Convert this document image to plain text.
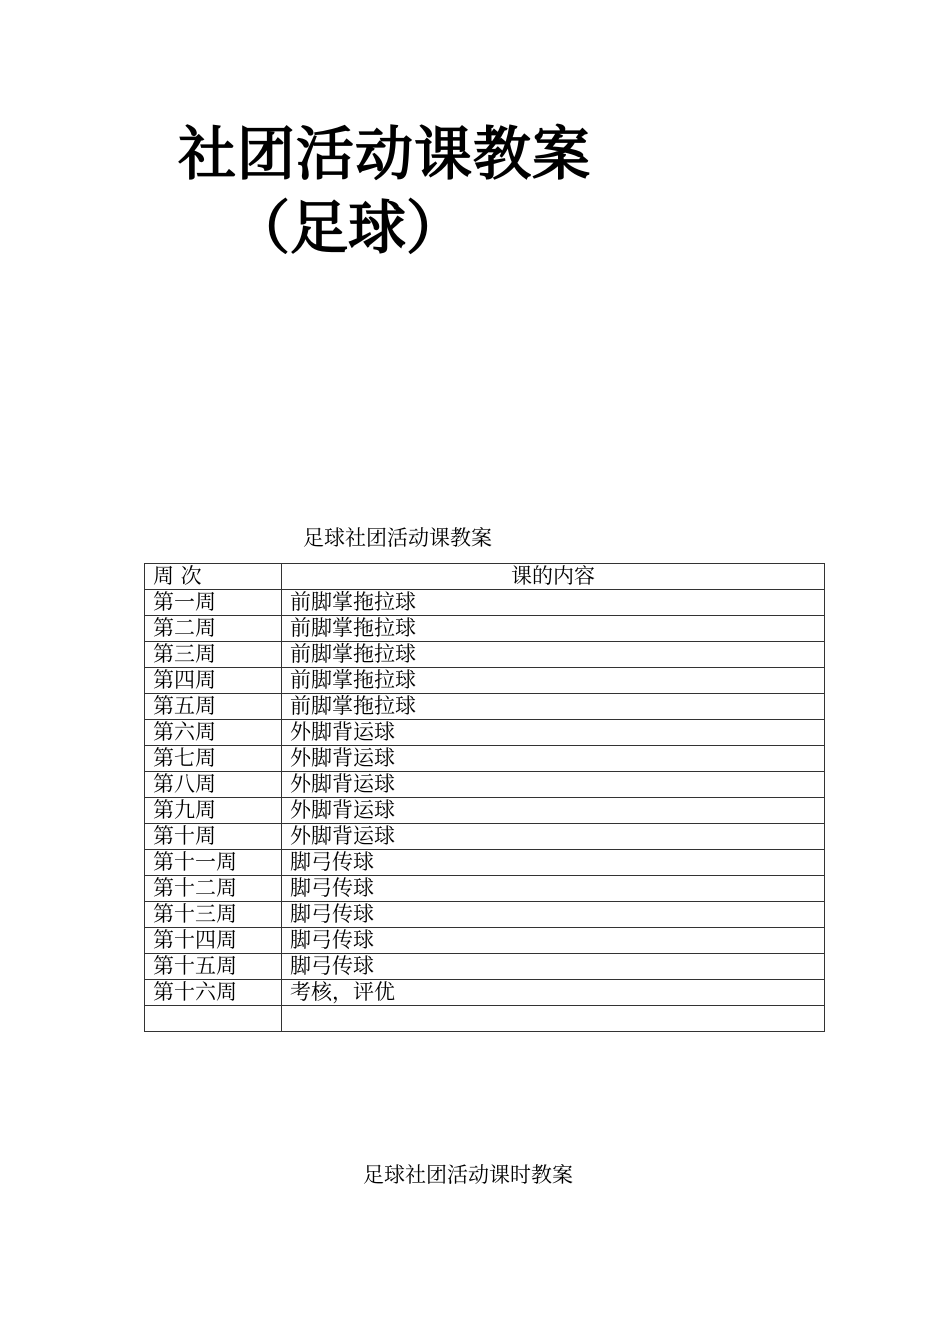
社团活动课教案
（足球）
足球社团活动课教案
周 次	课的内容
第一周	前脚掌拖拉球
第二周	前脚掌拖拉球
第三周	前脚掌拖拉球
第四周	前脚掌拖拉球
第五周	前脚掌拖拉球
第六周	外脚背运球
第七周	外脚背运球
第八周	外脚背运球
第九周	外脚背运球
第十周	外脚背运球
第十一周	脚弓传球
第十二周	脚弓传球
第十三周	脚弓传球
第十四周	脚弓传球
第十五周	脚弓传球
第十六周	考核，评优

足球社团活动课时教案
